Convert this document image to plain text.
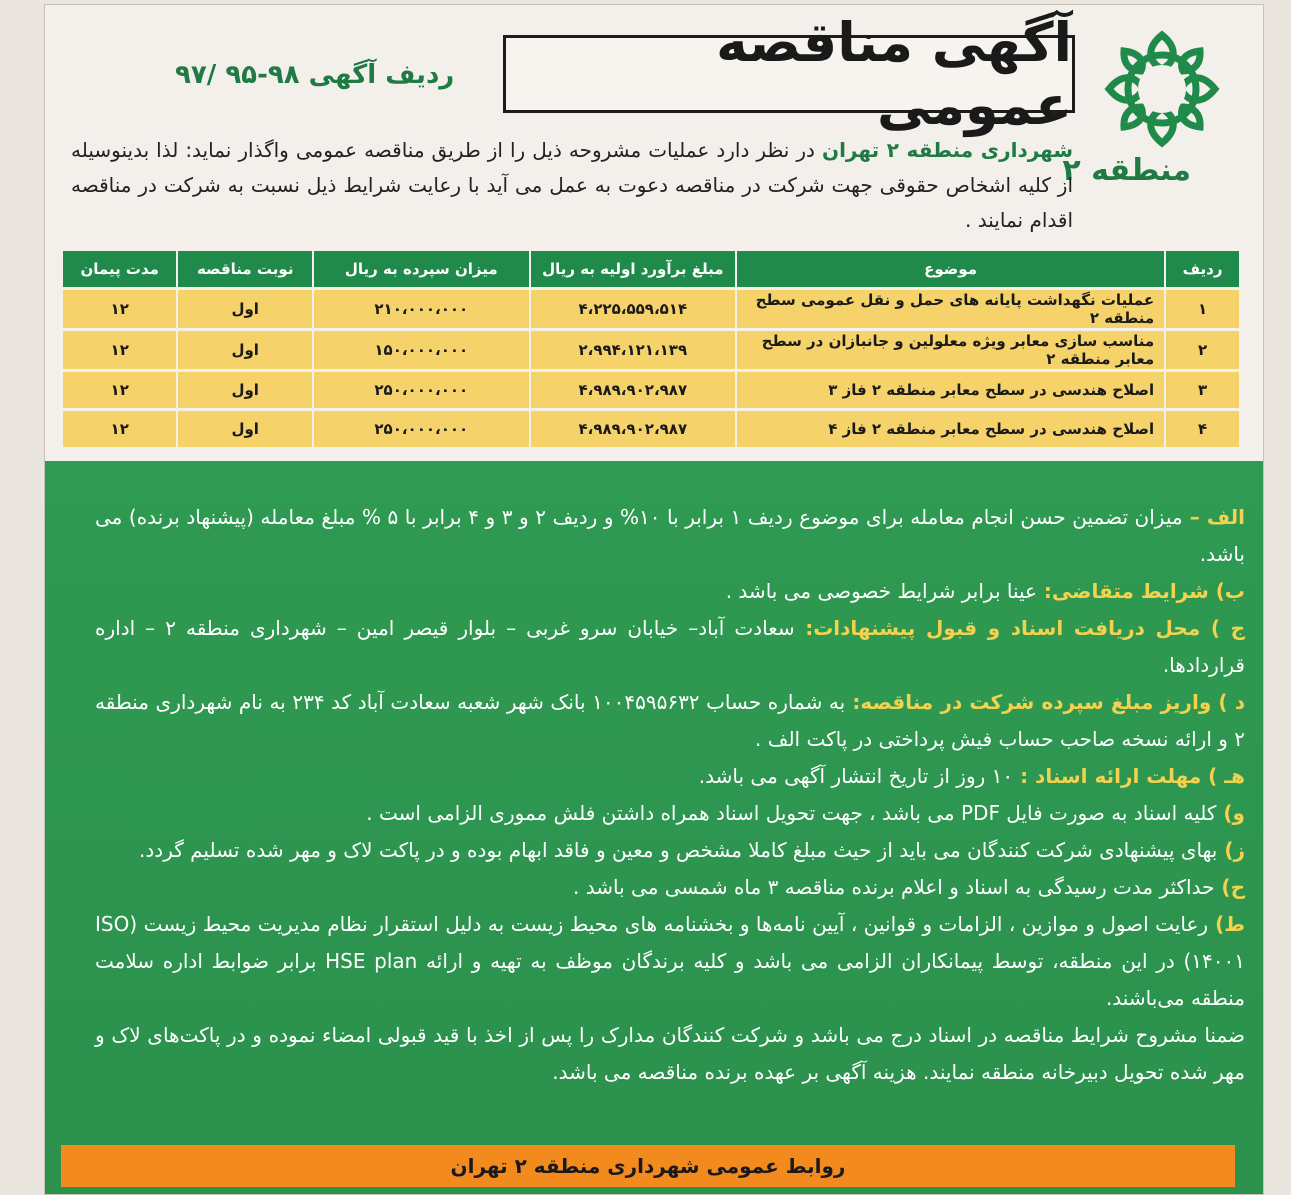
منطقه ۲
آگهی مناقصه عمومی
ردیف آگهی ۹۸-۹۵ /۹۷
شهرداری منطقه ۲ تهران در نظر دارد عملیات مشروحه ذیل را از طریق مناقصه عمومی واگذار نماید: لذا بدینوسیله از کلیه اشخاص حقوقی جهت شرکت در مناقصه دعوت به عمل می آید با رعایت شرایط ذیل نسبت به شرکت در مناقصه اقدام نمایند .
ردیف	موضوع	مبلغ برآورد اولیه به ریال	میزان سپرده به ریال	نوبت مناقصه	مدت پیمان
۱	عملیات نگهداشت پایانه های حمل و نقل عمومی سطح منطقه ۲	۴،۲۲۵،۵۵۹،۵۱۴	۲۱۰،۰۰۰،۰۰۰	اول	۱۲
۲	مناسب سازی معابر ویژه معلولین و جانبازان در سطح معابر منطقه ۲	۲،۹۹۴،۱۲۱،۱۳۹	۱۵۰،۰۰۰،۰۰۰	اول	۱۲
۳	اصلاح هندسی در سطح معابر منطقه ۲ فاز ۳	۴،۹۸۹،۹۰۲،۹۸۷	۲۵۰،۰۰۰،۰۰۰	اول	۱۲
۴	اصلاح هندسی در سطح معابر منطقه ۲ فاز ۴	۴،۹۸۹،۹۰۲،۹۸۷	۲۵۰،۰۰۰،۰۰۰	اول	۱۲

الف – میزان تضمین حسن انجام معامله برای موضوع ردیف ۱ برابر با ۱۰% و ردیف ۲ و ۳ و ۴ برابر با ۵ % مبلغ معامله (پیشنهاد برنده) می باشد.

ب) شرایط متقاضی: عینا برابر شرایط خصوصی می باشد .

ج ) محل دریافت اسناد و قبول پیشنهادات: سعادت آباد– خیابان سرو غربی – بلوار قیصر امین – شهرداری منطقه ۲ – اداره قراردادها.

د ) واریز مبلغ سپرده شرکت در مناقصه: به شماره حساب ۱۰۰۴۵۹۵۶۳۲ بانک شهر شعبه سعادت آباد کد ۲۳۴ به نام شهرداری منطقه ۲ و ارائه نسخه صاحب حساب فیش پرداختی در پاکت الف .

هـ ) مهلت ارائه اسناد : ۱۰ روز از تاریخ انتشار آگهی می باشد.

و) کلیه اسناد به صورت فایل PDF می باشد ، جهت تحویل اسناد همراه داشتن فلش مموری الزامی است .

ز) بهای پیشنهادی شرکت کنندگان می باید از حیث مبلغ کاملا مشخص و معین و فاقد ابهام بوده و در پاکت لاک و مهر شده تسلیم گردد.

ح) حداکثر مدت رسیدگی به اسناد و اعلام برنده مناقصه ۳ ماه شمسی می باشد .

ط) رعایت اصول و موازین ، الزامات و قوانین ، آیین نامه‌ها و بخشنامه های محیط زیست به دلیل استقرار نظام مدیریت محیط زیست (ISO ۱۴۰۰۱) در این منطقه، توسط پیمانکاران الزامی می باشد و کلیه برندگان موظف به تهیه و ارائه HSE plan برابر ضوابط اداره سلامت منطقه می‌باشند.

ضمنا مشروح شرایط مناقصه در اسناد درج می باشد و شرکت کنندگان مدارک را پس از اخذ با قید قبولی امضاء نموده و در پاکت‌های لاک و مهر شده تحویل دبیرخانه منطقه نمایند. هزینه آگهی بر عهده برنده مناقصه می باشد.

روابط عمومی شهرداری منطقه ۲ تهران
